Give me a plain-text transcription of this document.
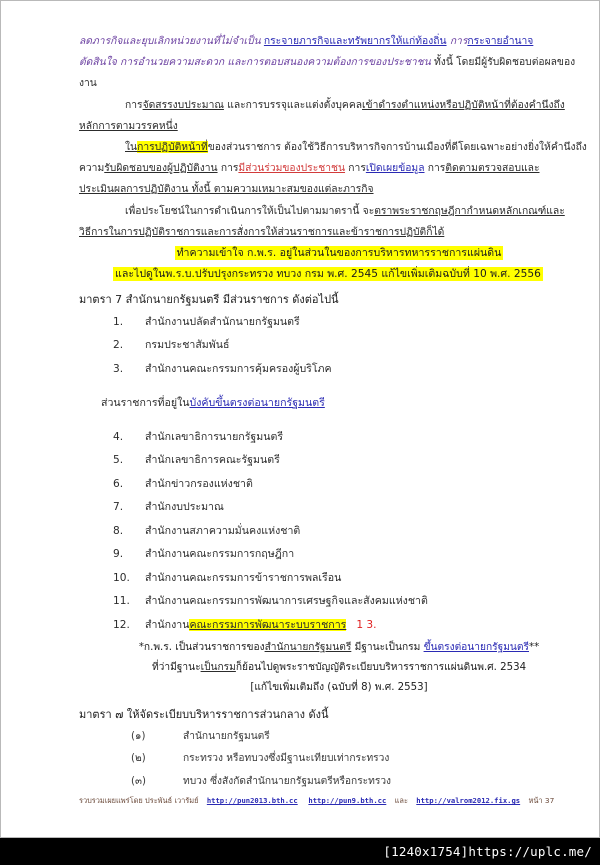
ลดภารกิจและยุบเลิกหน่วยงานที่ไม่จำเป็น กระจายภารกิจและทรัพยากรให้แก่ท้องถิ่น การกระจายอำนาจ

ตัดสินใจ การอำนวยความสะดวก และการตอบสนองความต้องการของประชาชน ทั้งนี้ โดยมีผู้รับผิดชอบต่อผลของ

งาน

การจัดสรรงบประมาณ และการบรรจุและแต่งตั้งบุคคลเข้าดำรงตำแหน่งหรือปฏิบัติหน้าที่ต้องคำนึงถึง

หลักการตามวรรคหนึ่ง

ในการปฏิบัติหน้าที่ของส่วนราชการ ต้องใช้วิธีการบริหารกิจการบ้านเมืองที่ดีโดยเฉพาะอย่างยิ่งให้คำนึงถึง

ความรับผิดชอบของผู้ปฏิบัติงาน การมีส่วนร่วมของประชาชน การเปิดเผยข้อมูล การติดตามตรวจสอบและ

ประเมินผลการปฏิบัติงาน ทั้งนี้ ตามความเหมาะสมของแต่ละภารกิจ

เพื่อประโยชน์ในการดำเนินการให้เป็นไปตามมาตรานี้ จะตราพระราชกฤษฎีกากำหนดหลักเกณฑ์และ

วิธีการในการปฏิบัติราชการและการสั่งการให้ส่วนราชการและข้าราชการปฏิบัติก็ได้

ทำความเข้าใจ ก.พ.ร. อยู่ในส่วนในของการบริหารทหารราชการแผ่นดิน

และไปดูในพ.ร.บ.ปรับปรุงกระทรวง ทบวง กรม พ.ศ. 2545 แก้ไขเพิ่มเติมฉบับที่ 10 พ.ศ. 2556

มาตรา 7 สำนักนายกรัฐมนตรี มีส่วนราชการ ดังต่อไปนี้

1.	สำนักงานปลัดสำนักนายกรัฐมนตรี
2.	กรมประชาสัมพันธ์
3.	สำนักงานคณะกรรมการคุ้มครองผู้บริโภค

ส่วนราชการที่อยู่ในบังคับขึ้นตรงต่อนายกรัฐมนตรี

4.	สำนักเลขาธิการนายกรัฐมนตรี
5.	สำนักเลขาธิการคณะรัฐมนตรี
6.	สำนักข่าวกรองแห่งชาติ
7.	สำนักงบประมาณ
8.	สำนักงานสภาความมั่นคงแห่งชาติ
9.	สำนักงานคณะกรรมการกฤษฎีกา
10.	สำนักงานคณะกรรมการข้าราชการพลเรือน
11.	สำนักงานคณะกรรมการพัฒนาการเศรษฐกิจและสังคมแห่งชาติ
12.	สำนักงานคณะกรรมการพัฒนาระบบราชการ 1 3.
*ก.พ.ร. เป็นส่วนราชการของสำนักนายกรัฐมนตรี มีฐานะเป็นกรม ขึ้นตรงต่อนายกรัฐมนตรี**
ที่ว่ามีฐานะเป็นกรมก็ย้อนไปดูพระราชบัญญัติระเบียบบริหารราชการแผ่นดินพ.ศ. 2534
[แก้ไขเพิ่มเติมถึง (ฉบับที่ 8) พ.ศ. 2553]

มาตรา ๗ ให้จัดระเบียบบริหารราชการส่วนกลาง ดังนี้

(๑)	สำนักนายกรัฐมนตรี
(๒)	กระทรวง หรือทบวงซึ่งมีฐานะเทียบเท่ากระทรวง
(๓)	ทบวง ซึ่งสังกัดสำนักนายกรัฐมนตรีหรือกระทรวง
รวบรวมเผยแพร่โดย ประพันธ์ เวารัมย์ http://pun2013.bth.cc http://pun9.bth.cc และ http://valrom2012.fix.gs หน้า 37
[1240x1754]https://uplc.me/
